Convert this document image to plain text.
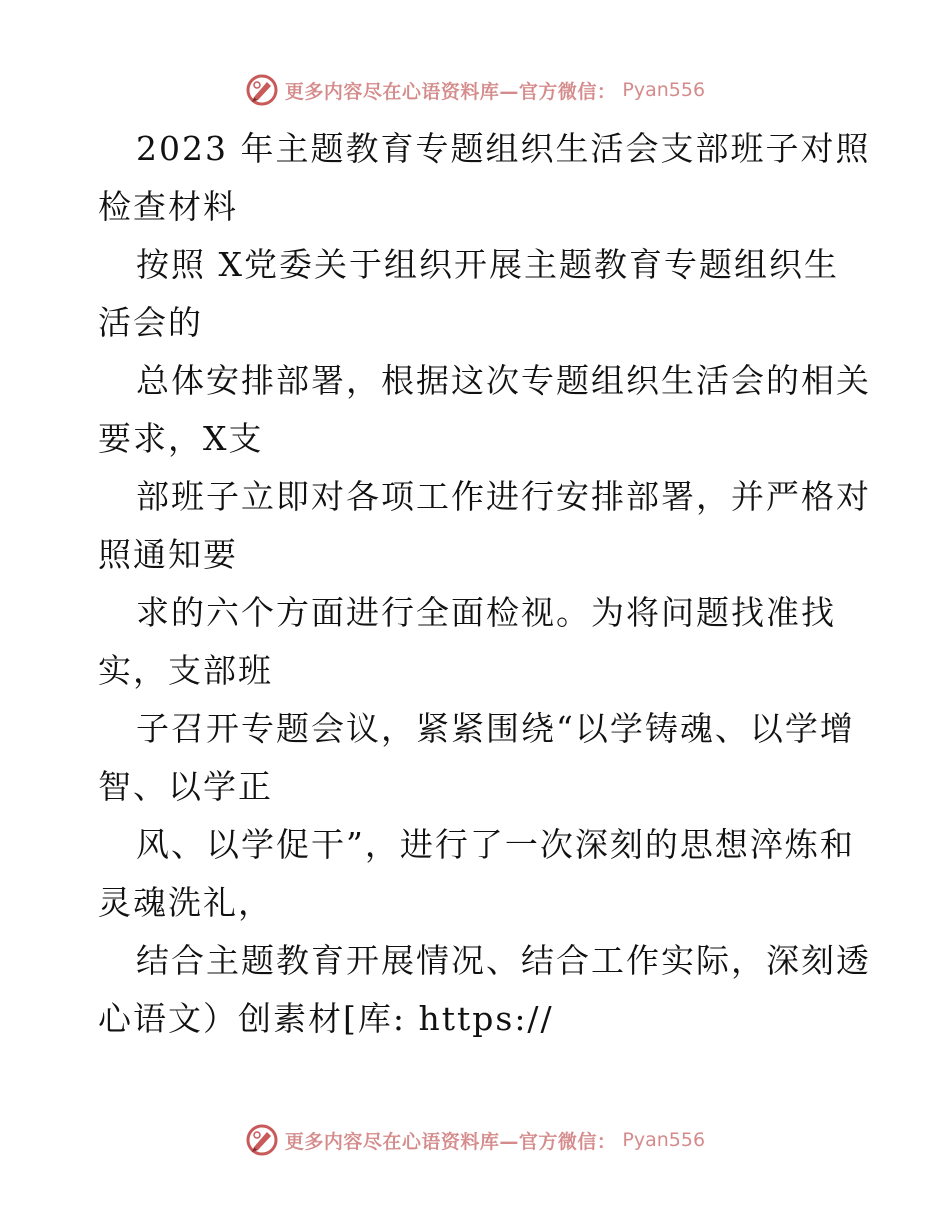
更多内容尽在心语资料库—官方微信： Pyan556
2023 年主题教育专题组织生活会支部班子对照
检查材料
按照 X党委关于组织开展主题教育专题组织生
活会的
总体安排部署，根据这次专题组织生活会的相关
要求，X支
部班子立即对各项工作进行安排部署，并严格对
照通知要
求的六个方面进行全面检视。为将问题找准找
实，支部班
子召开专题会议，紧紧围绕“以学铸魂、以学增
智、以学正
风、以学促干”，进行了一次深刻的思想淬炼和
灵魂洗礼，
结合主题教育开展情况、结合工作实际，深刻透
心语文）创素材[库: https://
更多内容尽在心语资料库—官方微信： Pyan556
